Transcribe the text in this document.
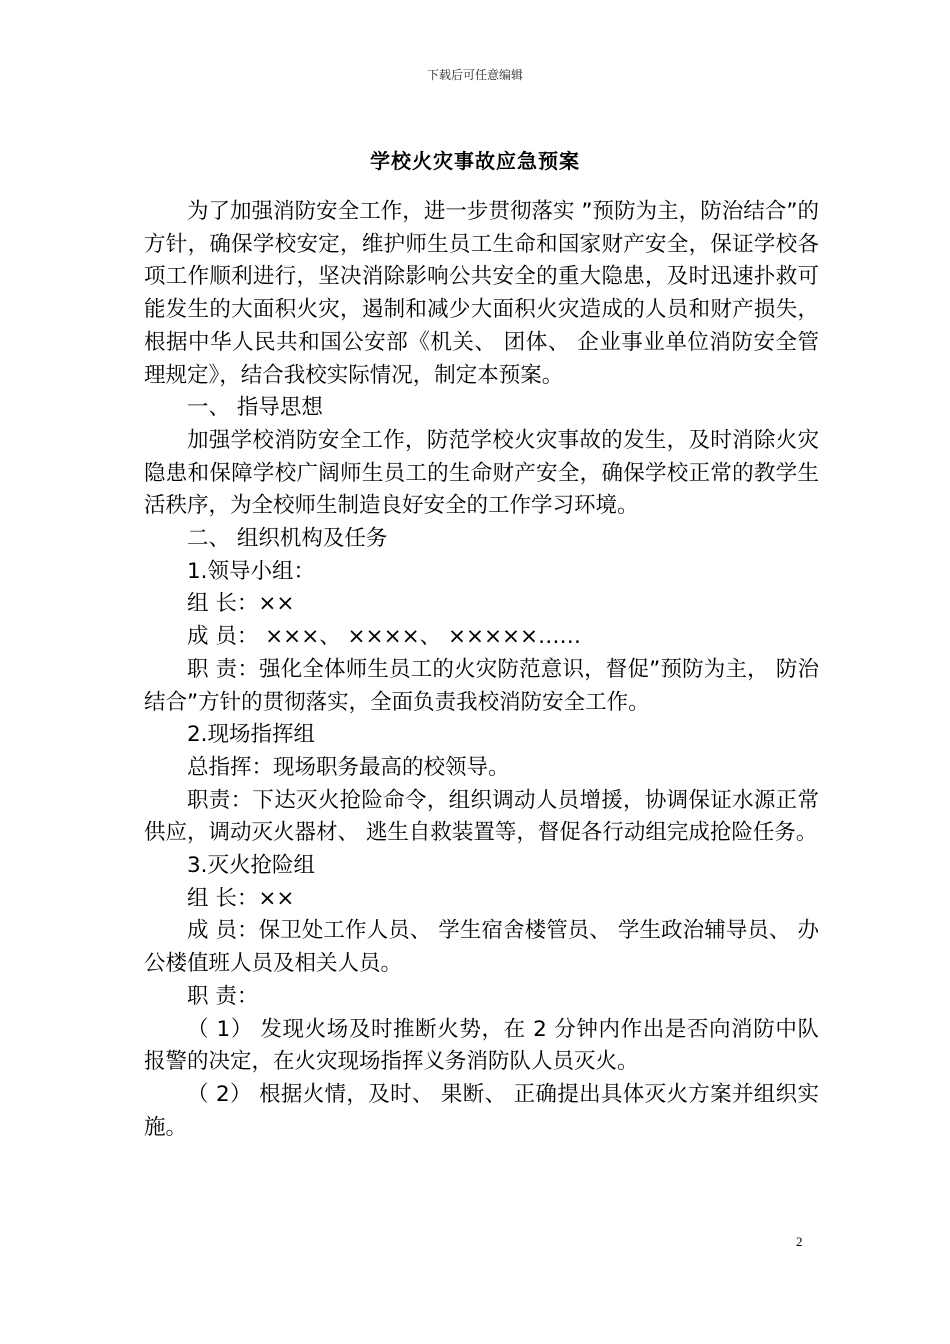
下载后可任意编辑
学校火灾事故应急预案

为了加强消防安全工作，进一步贯彻落实 ”预防为主，防治结合”的方针，确保学校安定，维护师生员工生命和国家财产安全，保证学校各项工作顺利进行，坚决消除影响公共安全的重大隐患，及时迅速扑救可能发生的大面积火灾，遏制和减少大面积火灾造成的人员和财产损失，根据中华人民共和国公安部《机关、 团体、 企业事业单位消防安全管理规定》，结合我校实际情况，制定本预案。

一、 指导思想

加强学校消防安全工作，防范学校火灾事故的发生，及时消除火灾隐患和保障学校广阔师生员工的生命财产安全，确保学校正常的教学生活秩序，为全校师生制造良好安全的工作学习环境。

二、 组织机构及任务

1.领导小组：

组 长：××

成 员： ×××、 ××××、 ×××××……

职 责：强化全体师生员工的火灾防范意识，督促”预防为主， 防治结合”方针的贯彻落实，全面负责我校消防安全工作。

2.现场指挥组

总指挥：现场职务最高的校领导。

职责：下达灭火抢险命令，组织调动人员增援，协调保证水源正常供应，调动灭火器材、 逃生自救装置等，督促各行动组完成抢险任务。

3.灭火抢险组

组 长：××

成 员：保卫处工作人员、 学生宿舍楼管员、 学生政治辅导员、 办公楼值班人员及相关人员。

职 责：

（ 1） 发现火场及时推断火势，在 2 分钟内作出是否向消防中队报警的决定，在火灾现场指挥义务消防队人员灭火。

（ 2） 根据火情，及时、 果断、 正确提出具体灭火方案并组织实施。

2
